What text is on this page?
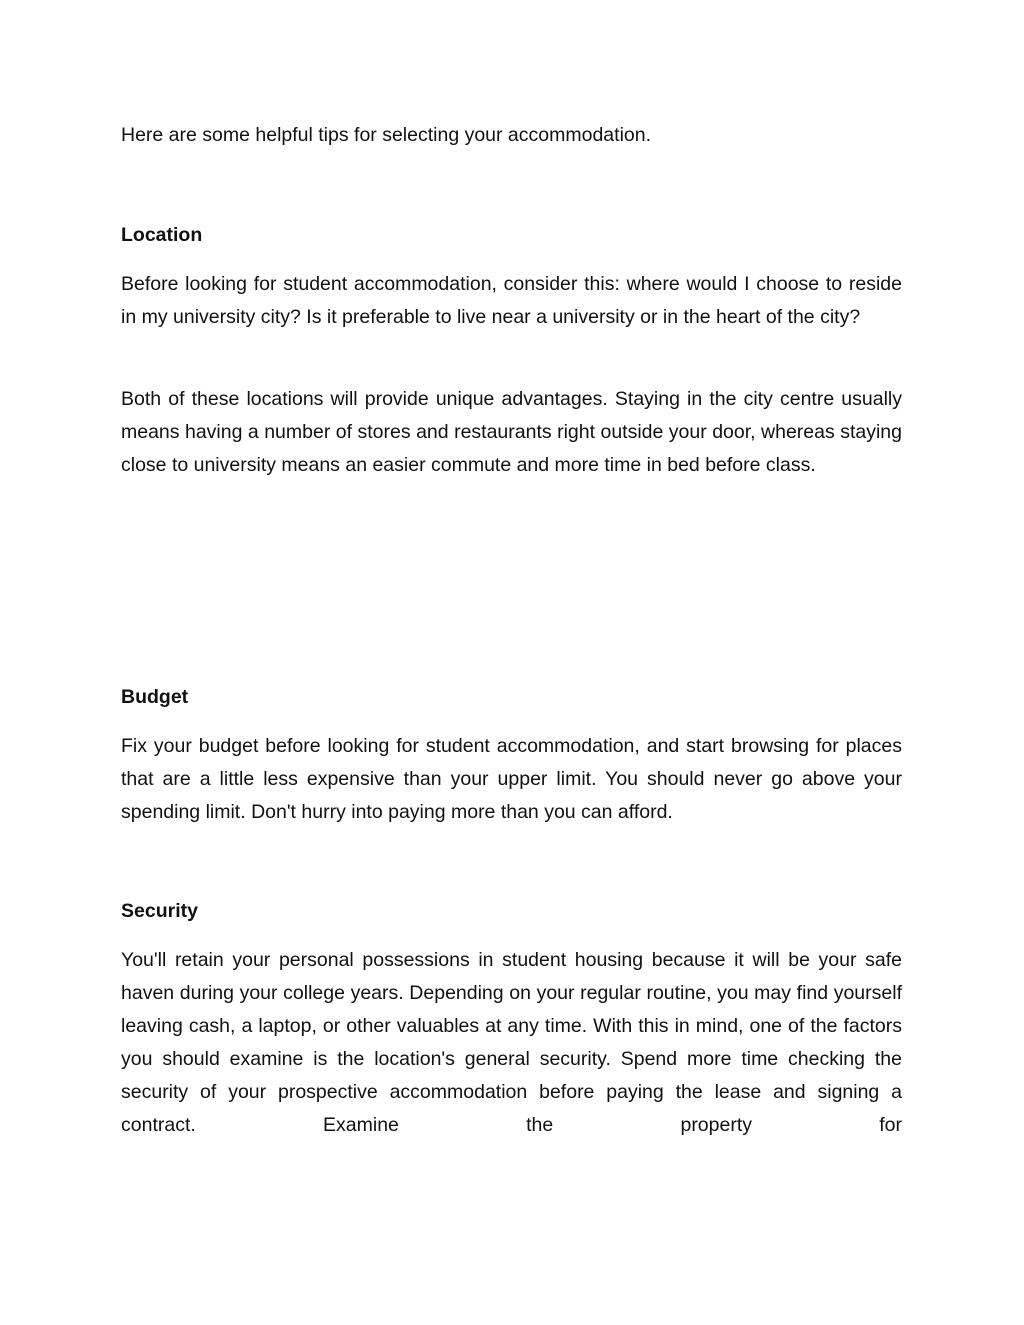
Here are some helpful tips for selecting your accommodation.

Location

Before looking for student accommodation, consider this: where would I choose to reside in my university city? Is it preferable to live near a university or in the heart of the city?

Both of these locations will provide unique advantages. Staying in the city centre usually means having a number of stores and restaurants right outside your door, whereas staying close to university means an easier commute and more time in bed before class.

Budget

Fix your budget before looking for student accommodation, and start browsing for places that are a little less expensive than your upper limit. You should never go above your spending limit. Don't hurry into paying more than you can afford.

Security

You'll retain your personal possessions in student housing because it will be your safe haven during your college years. Depending on your regular routine, you may find yourself leaving cash, a laptop, or other valuables at any time. With this in mind, one of the factors you should examine is the location's general security. Spend more time checking the security of your prospective accommodation before paying the lease and signing a contract. Examine the property for
